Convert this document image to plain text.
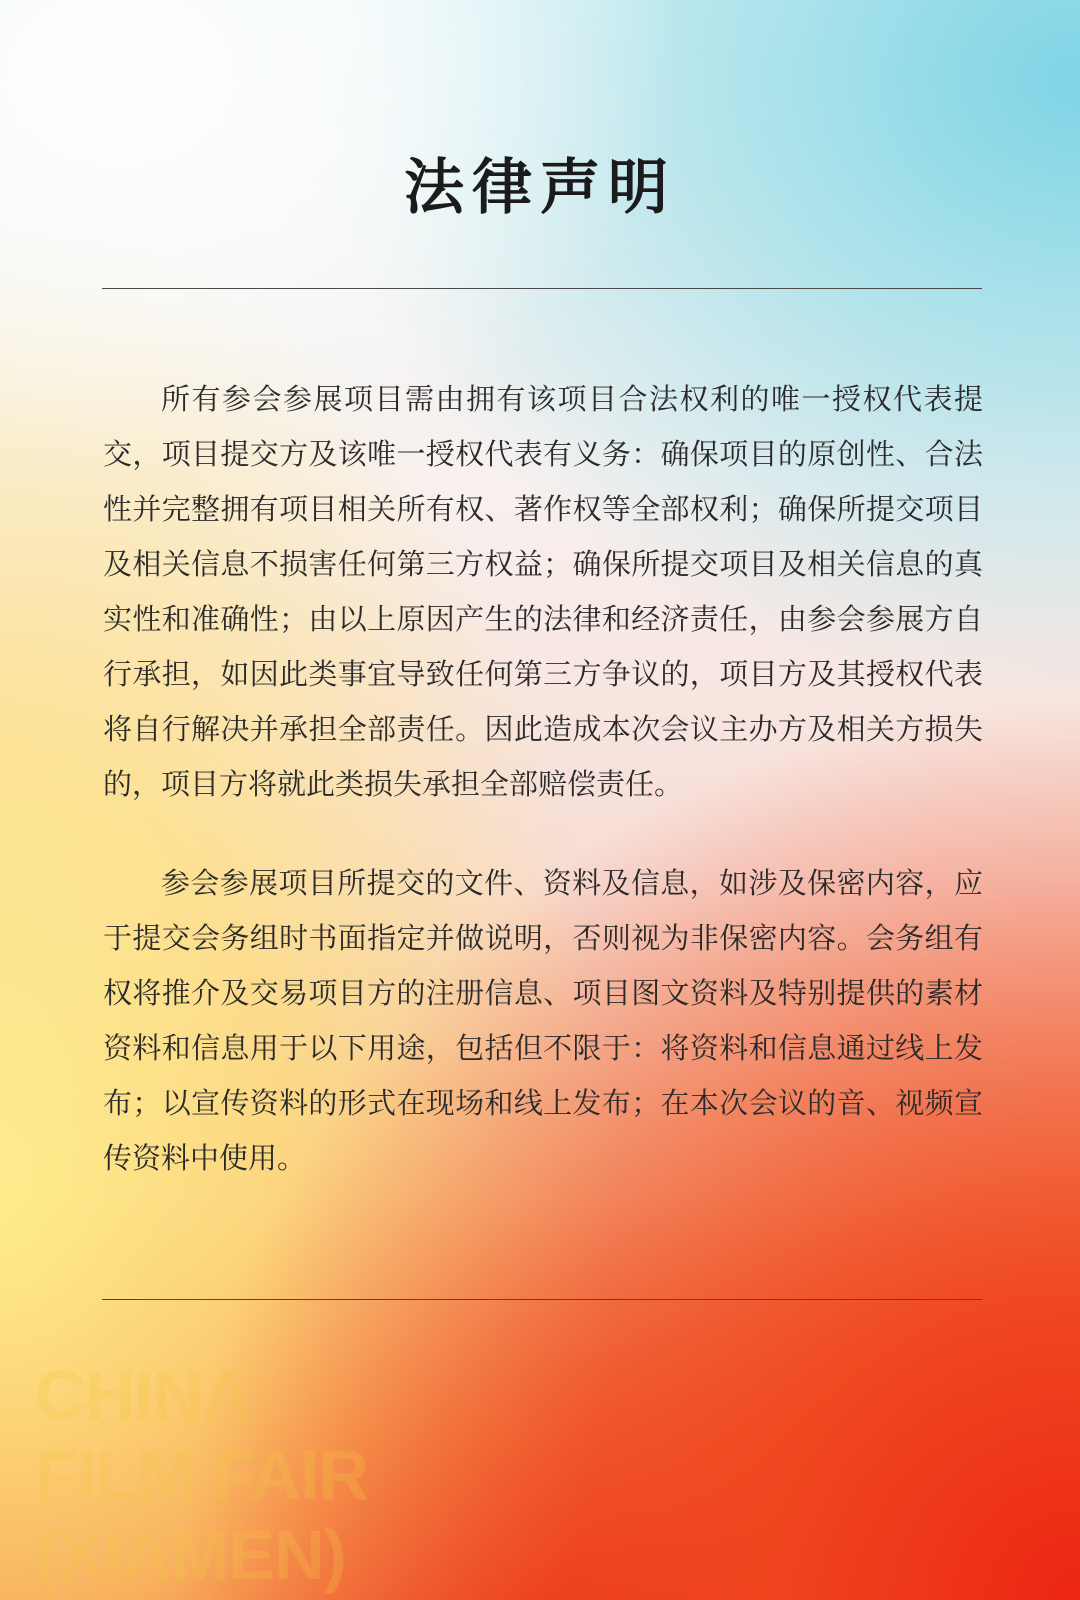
法律声明

所有参会参展项目需由拥有该项目合法权利的唯一授权代表提交，项目提交方及该唯一授权代表有义务：确保项目的原创性、合法性并完整拥有项目相关所有权、著作权等全部权利；确保所提交项目及相关信息不损害任何第三方权益；确保所提交项目及相关信息的真实性和准确性；由以上原因产生的法律和经济责任，由参会参展方自行承担，如因此类事宜导致任何第三方争议的，项目方及其授权代表将自行解决并承担全部责任。因此造成本次会议主办方及相关方损失的，项目方将就此类损失承担全部赔偿责任。

参会参展项目所提交的文件、资料及信息，如涉及保密内容，应于提交会务组时书面指定并做说明，否则视为非保密内容。会务组有权将推介及交易项目方的注册信息、项目图文资料及特别提供的素材资料和信息用于以下用途，包括但不限于：将资料和信息通过线上发布；以宣传资料的形式在现场和线上发布；在本次会议的音、视频宣传资料中使用。

CHINA
FILM FAIR
(XIAMEN)
